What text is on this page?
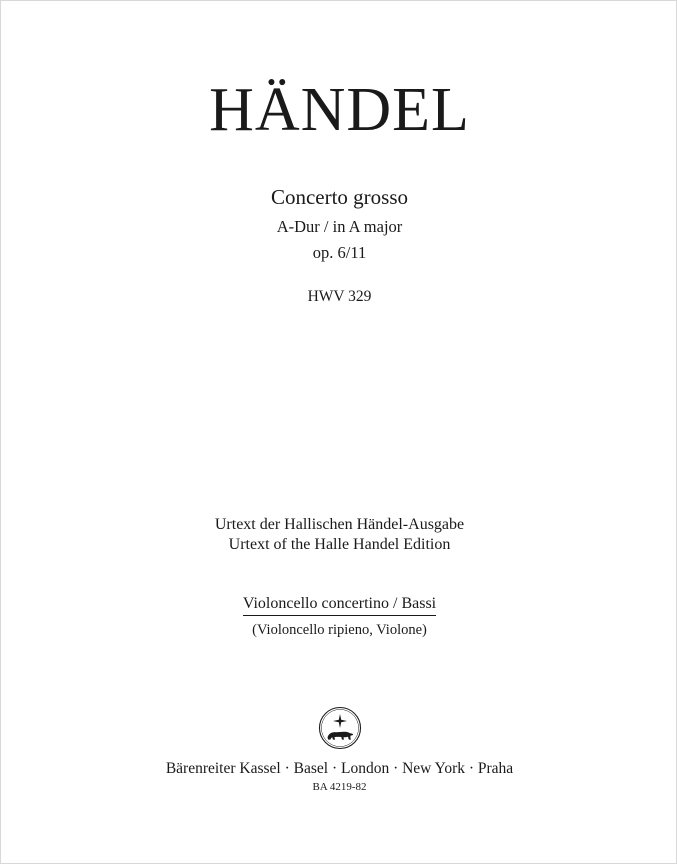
HÄNDEL
Concerto grosso
A-Dur / in A major
op. 6/11
HWV 329
Urtext der Hallischen Händel-Ausgabe
Urtext of the Halle Handel Edition
Violoncello concertino / Bassi
(Violoncello ripieno, Violone)
Bärenreiter Kassel · Basel · London · New York · Praha
BA 4219-82
